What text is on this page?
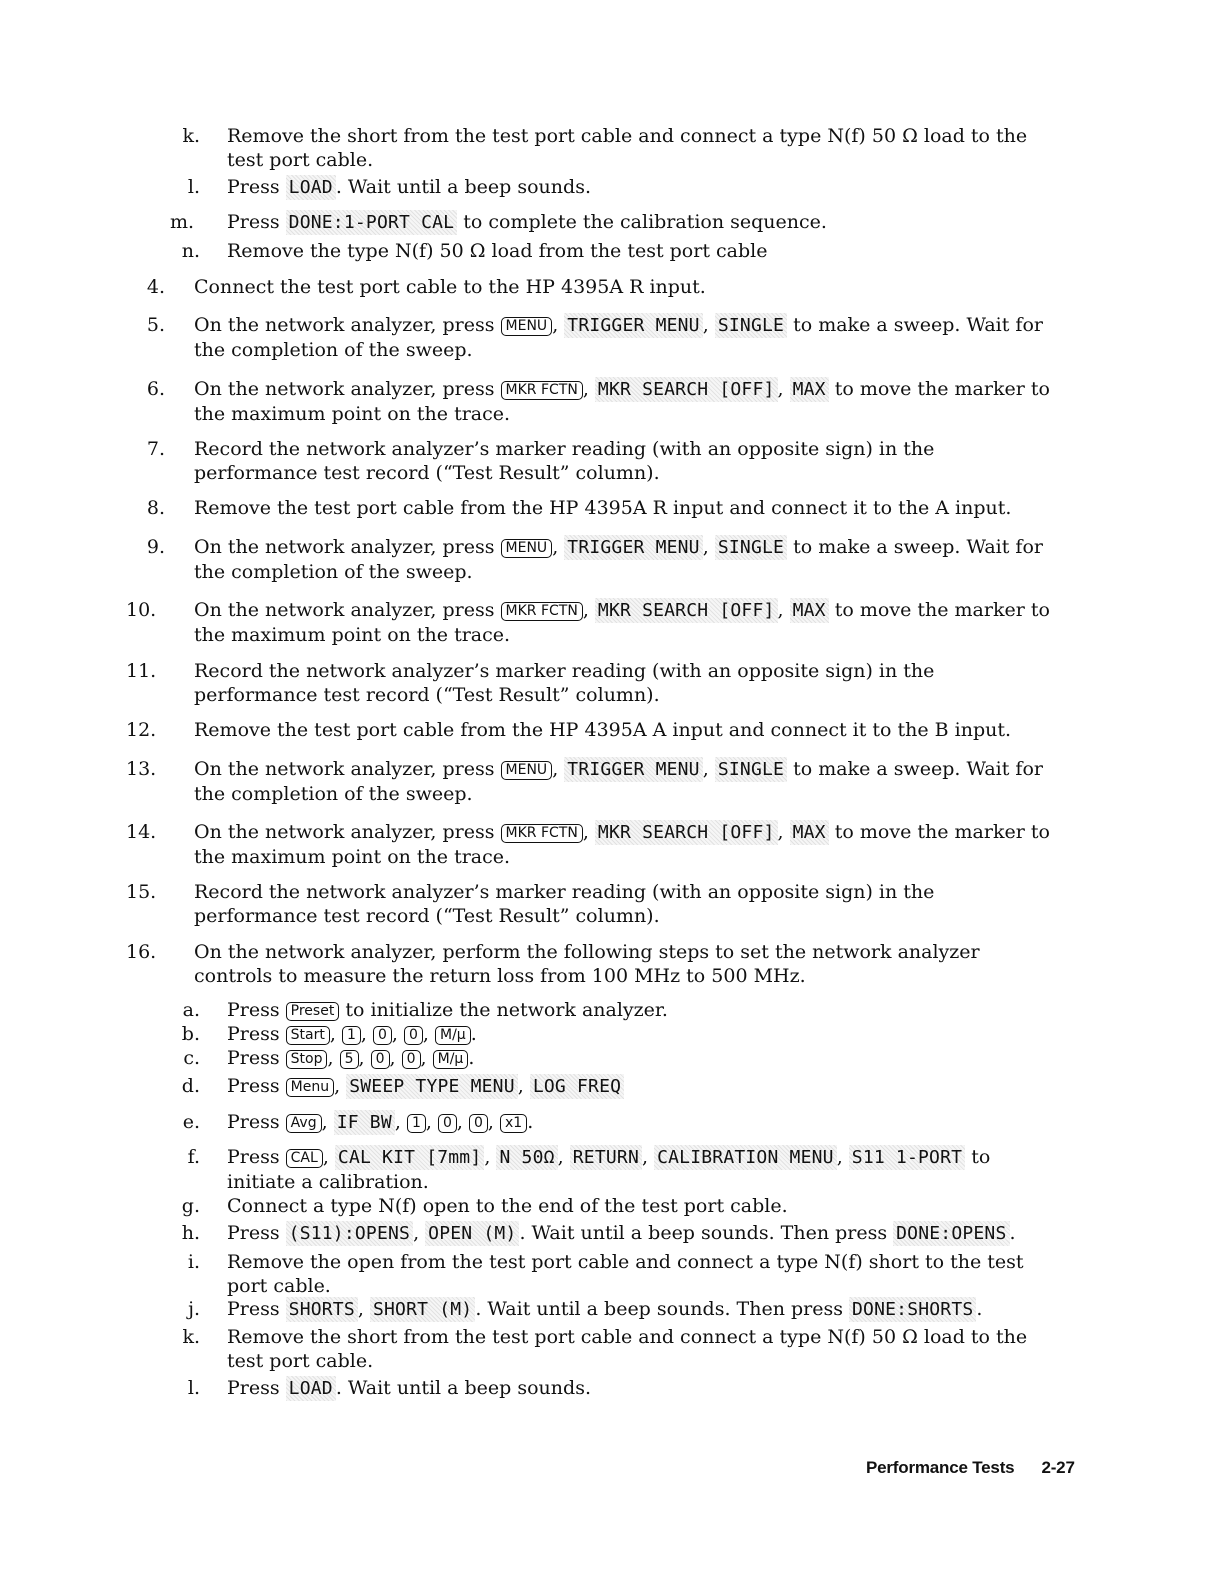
k. Remove the short from the test port cable and connect a type N(f) 50 Ω load to the test port cable.
l. Press LOAD . Wait until a beep sounds.
m. Press DONE:1-PORT CAL to complete the calibration sequence.
n. Remove the type N(f) 50 Ω load from the test port cable
4. Connect the test port cable to the HP 4395A R input.
5. On the network analyzer, press MENU , TRIGGER MENU , SINGLE to make a sweep. Wait for the completion of the sweep.
6. On the network analyzer, press MKR FCTN , MKR SEARCH [OFF] , MAX to move the marker to the maximum point on the trace.
7. Record the network analyzer’s marker reading (with an opposite sign) in the performance test record (“Test Result” column).
8. Remove the test port cable from the HP 4395A R input and connect it to the A input.
9. On the network analyzer, press MENU , TRIGGER MENU , SINGLE to make a sweep. Wait for the completion of the sweep.
10. On the network analyzer, press MKR FCTN , MKR SEARCH [OFF] , MAX to move the marker to the maximum point on the trace.
11. Record the network analyzer’s marker reading (with an opposite sign) in the performance test record (“Test Result” column).
12. Remove the test port cable from the HP 4395A A input and connect it to the B input.
13. On the network analyzer, press MENU , TRIGGER MENU , SINGLE to make a sweep. Wait for the completion of the sweep.
14. On the network analyzer, press MKR FCTN , MKR SEARCH [OFF] , MAX to move the marker to the maximum point on the trace.
15. Record the network analyzer’s marker reading (with an opposite sign) in the performance test record (“Test Result” column).
16. On the network analyzer, perform the following steps to set the network analyzer controls to measure the return loss from 100 MHz to 500 MHz.
a. Press Preset to initialize the network analyzer.
b. Press Start , 1 , 0 , 0 , M/μ .
c. Press Stop , 5 , 0 , 0 , M/μ .
d. Press Menu , SWEEP TYPE MENU , LOG FREQ
e. Press Avg , IF BW , 1 , 0 , 0 , x1 .
f. Press CAL , CAL KIT [7mm] , N 50Ω , RETURN , CALIBRATION MENU , S11 1-PORT to initiate a calibration.
g. Connect a type N(f) open to the end of the test port cable.
h. Press (S11):OPENS , OPEN (M) . Wait until a beep sounds. Then press DONE:OPENS .
i. Remove the open from the test port cable and connect a type N(f) short to the test port cable.
j. Press SHORTS , SHORT (M) . Wait until a beep sounds. Then press DONE:SHORTS .
k. Remove the short from the test port cable and connect a type N(f) 50 Ω load to the test port cable.
l. Press LOAD . Wait until a beep sounds.
Performance Tests 2-27
